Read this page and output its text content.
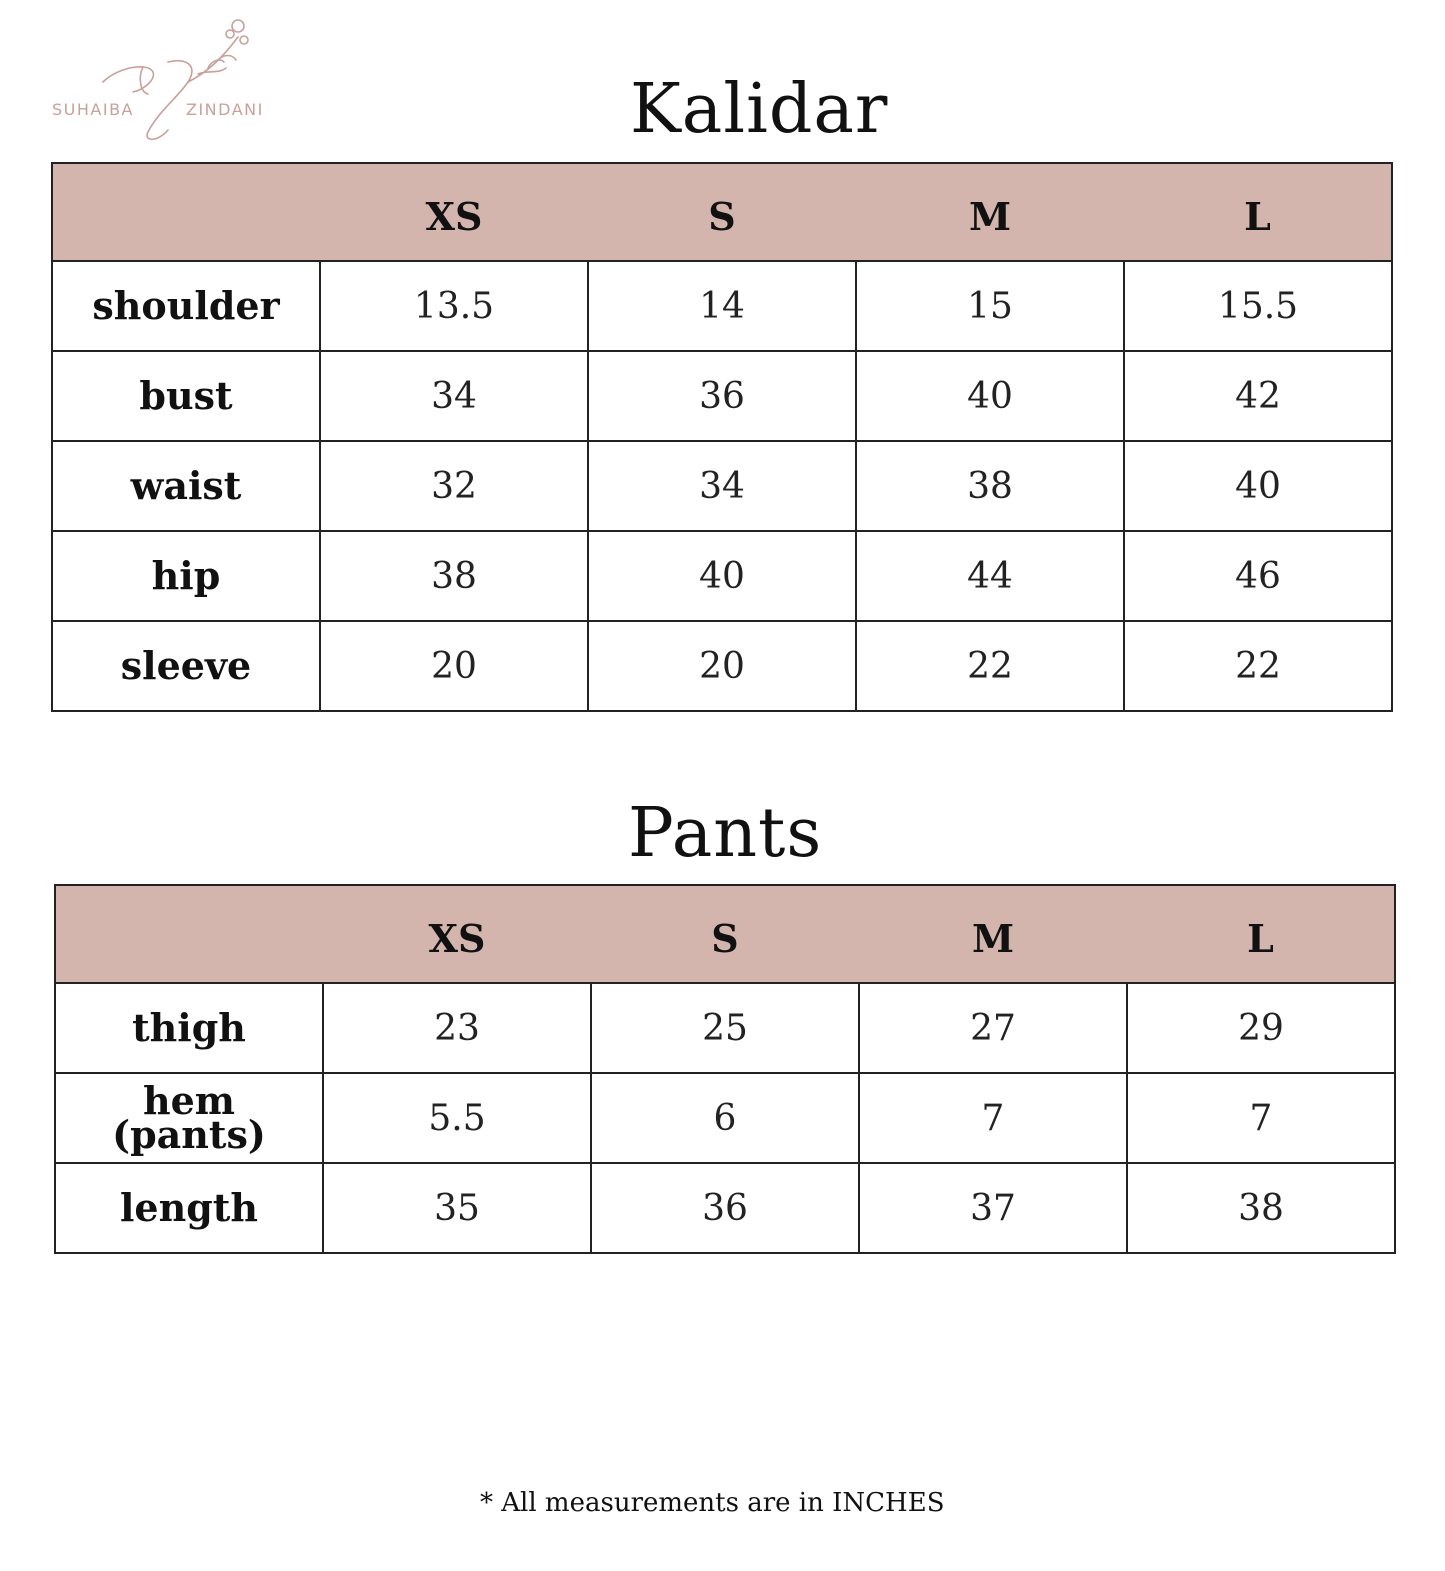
SUHAIBA	ZINDANI	Kalidar
	XS	S	M	L
shoulder	13.5	14	15	15.5
bust	34	36	40	42
waist	32	34	38	40
hip	38	40	44	46
sleeve	20	20	22	22
Pants
	XS	S	M	L
thigh	23	25	27	29

hem
(pants)	5.5	6	7	7
length	35	36	37	38
* All measurements are in INCHES
